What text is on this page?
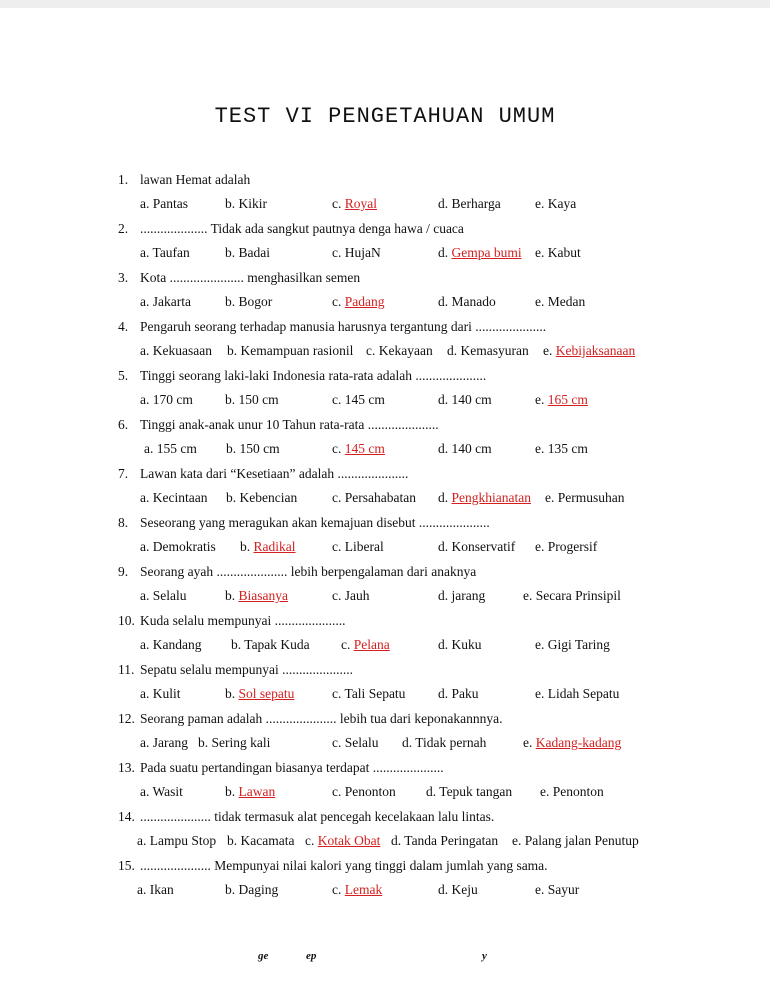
TEST VI PENGETAHUAN UMUM
1. lawan Hemat adalah
a. Pantas	b. Kikir	c. Royal	d. Berharga	e. Kaya
2. .................... Tidak ada sangkut pautnya denga hawa / cuaca
a. Taufan	b. Badai	c. HujaN	d. Gempa bumi e. Kabut
3. Kota ...................... menghasilkan semen
a. Jakarta	b. Bogor	c. Padang	d. Manado	e. Medan
4. Pengaruh seorang terhadap manusia harusnya tergantung dari .....................
a. Kekuasaan b. Kemampuan rasionil c. Kekayaan d. Kemasyuran e. Kebijaksanaan
5. Tinggi seorang laki-laki Indonesia rata-rata adalah .....................
a. 170 cm b. 150 cm	c. 145 cm	d. 140 cm	e. 165 cm
6. Tinggi anak-anak unur 10 Tahun rata-rata .....................
a. 155 cm b. 150 cm	c. 145 cm	d. 140 cm	e. 135 cm
7. Lawan kata dari “Kesetiaan” adalah .....................
a. Kecintaan b. Kebencian	c. Persahabatan d. Pengkhianatan e. Permusuhan
8. Seseorang yang meragukan akan kemajuan disebut .....................
a. Demokratis b. Radikal	c. Liberal	d. Konservatif e. Progersif
9. Seorang ayah ..................... lebih berpengalaman dari anaknya
a. Selalu	b. Biasanya	c. Jauh	d. jarang	e. Secara Prinsipil
10. Kuda selalu mempunyai .....................
a. Kandang b. Tapak Kuda c. Pelana	d. Kuku	e. Gigi Taring
11. Sepatu selalu mempunyai .....................
a. Kulit	b. Sol sepatu	c. Tali Sepatu d. Paku	e. Lidah Sepatu
12. Seorang paman adalah ..................... lebih tua dari keponakannnya.
a. Jarang b. Sering kali	c. Selalu d. Tidak pernah	e. Kadang-kadang
13. Pada suatu pertandingan biasanya terdapat .....................
a. Wasit	b. Lawan	c. Penonton d. Tepuk tangan e. Penonton
14. ..................... tidak termasuk alat pencegah kecelakaan lalu lintas.
a. Lampu Stop b. Kacamata c. Kotak Obat d. Tanda Peringatan e. Palang jalan Penutup
15. ..................... Mempunyai nilai kalori yang tinggi dalam jumlah yang sama.
a. Ikan	b. Daging	c. Lemak	d. Keju	e. Sayur
ge	ep	y
